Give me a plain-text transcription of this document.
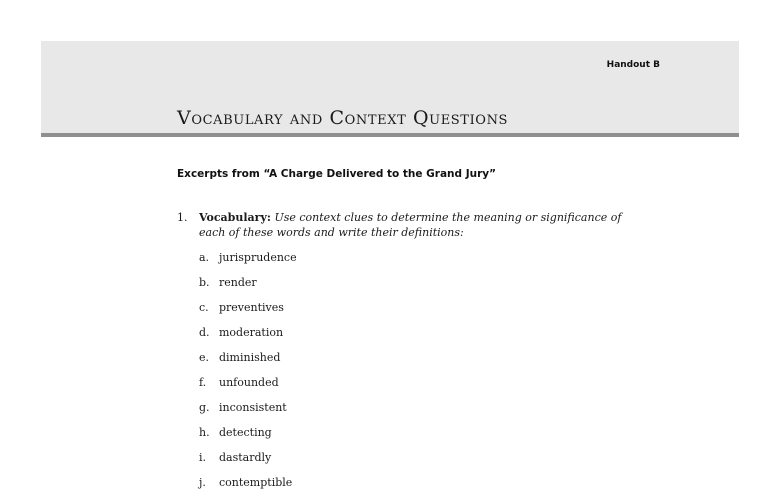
Handout B
Vocabulary and Context Questions
Excerpts from “A Charge Delivered to the Grand Jury”
1. Vocabulary: Use context clues to determine the meaning or significance of each of these words and write their definitions:
a. jurisprudence
b. render
c. preventives
d. moderation
e. diminished
f. unfounded
g. inconsistent
h. detecting
i. dastardly
j. contemptible
